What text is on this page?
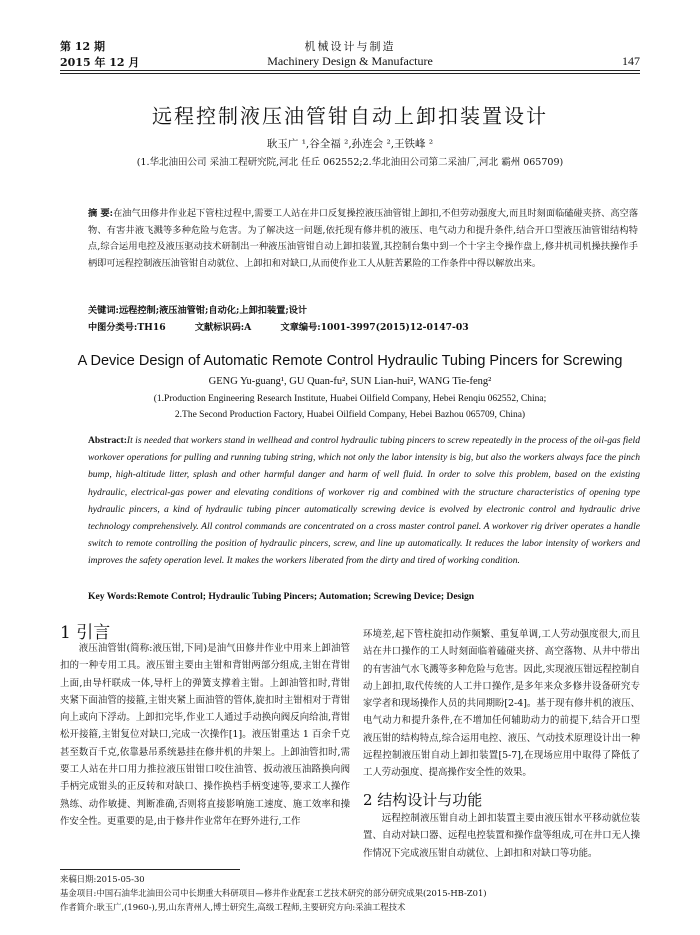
第 12 期
2015 年 12 月
机械设计与制造
Machinery Design & Manufacture	147
远程控制液压油管钳自动上卸扣装置设计
耿玉广 ¹,谷全福 ²,孙连会 ²,王铁峰 ²
(1.华北油田公司 采油工程研究院,河北 任丘 062552;2.华北油田公司第二采油厂,河北 霸州 065709)
摘 要:在油气田修井作业起下管柱过程中,需要工人站在井口反复操控液压油管钳上卸扣,不但劳动强度大,而且时刻面临磕碰夹挤、高空落物、有害井液飞溅等多种危险与危害。为了解决这一问题,依托现有修井机的液压、电气动力和提升条件,结合开口型液压油管钳结构特点,综合运用电控及液压驱动技术研制出一种液压油管钳自动上卸扣装置,其控制台集中到一个十字主令操作盘上,修井机司机操扶操作手柄即可远程控制液压油管钳自动就位、上卸扣和对缺口,从而使作业工人从脏苦累险的工作条件中得以解放出来。
关键词:远程控制;液压油管钳;自动化;上卸扣装置;设计
中图分类号:TH16	文献标识码:A	文章编号:1001-3997(2015)12-0147-03
A Device Design of Automatic Remote Control Hydraulic Tubing Pincers for Screwing
GENG Yu-guang¹, GU Quan-fu², SUN Lian-hui², WANG Tie-feng²
(1.Production Engineering Research Institute, Huabei Oilfield Company, Hebei Renqiu 062552, China;
2.The Second Production Factory, Huabei Oilfield Company, Hebei Bazhou 065709, China)
Abstract:It is needed that workers stand in wellhead and control hydraulic tubing pincers to screw repeatedly in the process of the oil-gas field workover operations for pulling and running tubing string, which not only the labor intensity is big, but also the workers always face the pinch bump, high-altitude litter, splash and other harmful danger and harm of well fluid. In order to solve this problem, based on the existing hydraulic, electrical-gas power and elevating conditions of workover rig and combined with the structure characteristics of opening type hydraulic pincers, a kind of hydraulic tubing pincer automatically screwing device is evolved by electronic control and hydraulic drive technology comprehensively. All control commands are concentrated on a cross master control panel. A workover rig driver operates a handle switch to remote controlling the position of hydraulic pincers, screw, and line up automatically. It reduces the labor intensity of workers and improves the safety operation level. It makes the workers liberated from the dirty and tired of working condition.
Key Words:Remote Control; Hydraulic Tubing Pincers; Automation; Screwing Device; Design
1 引言
液压油管钳(简称:液压钳,下同)是油气田修井作业中用来上卸油管扣的一种专用工具。液压钳主要由主钳和背钳两部分组成,主钳在背钳上面,由导杆联成一体,导杆上的弹簧支撑着主钳。上卸油管扣时,背钳夹紧下面油管的接箍,主钳夹紧上面油管的管体,旋扣时主钳相对于背钳向上或向下浮动。上卸扣完毕,作业工人通过手动换向阀反向给油,背钳松开接箍,主钳复位对缺口,完成一次操作[1]。液压钳重达 1 百余千克甚至数百千克,依靠悬吊系统悬挂在修井机的井架上。上卸油管扣时,需要工人站在井口用力推拉液压钳钳口咬住油管、扳动液压油路换向阀手柄完成钳头的正反转和对缺口、操作换档手柄变速等,要求工人操作熟练、动作敏捷、判断准确,否则将直接影响施工速度、施工效率和操作安全性。更重要的是,由于修井作业常年在野外进行,工作
环境差,起下管柱旋扣动作频繁、重复单调,工人劳动强度很大,而且站在井口操作的工人时刻面临着磕碰夹挤、高空落物、从井中带出的有害油气水飞溅等多种危险与危害。因此,实现液压钳远程控制自动上卸扣,取代传统的人工井口操作,是多年来众多修井设备研究专家学者和现场操作人员的共同期盼[2-4]。基于现有修井机的液压、电气动力和提升条件,在不增加任何辅助动力的前提下,结合开口型液压钳的结构特点,综合运用电控、液压、气动技术原理设计出一种远程控制液压钳自动上卸扣装置[5-7],在现场应用中取得了降低了工人劳动强度、提高操作安全性的效果。
2 结构设计与功能
远程控制液压钳自动上卸扣装置主要由液压钳水平移动就位装置、自动对缺口器、远程电控装置和操作盘等组成,可在井口无人操作情况下完成液压钳自动就位、上卸扣和对缺口等功能。
来稿日期:2015-05-30
基金项目:中国石油华北油田公司中长期重大科研项目—修井作业配套工艺技术研究的部分研究成果(2015-HB-Z01)
作者简介:耿玉广,(1960-),男,山东青州人,博士研究生,高级工程师,主要研究方向:采油工程技术
